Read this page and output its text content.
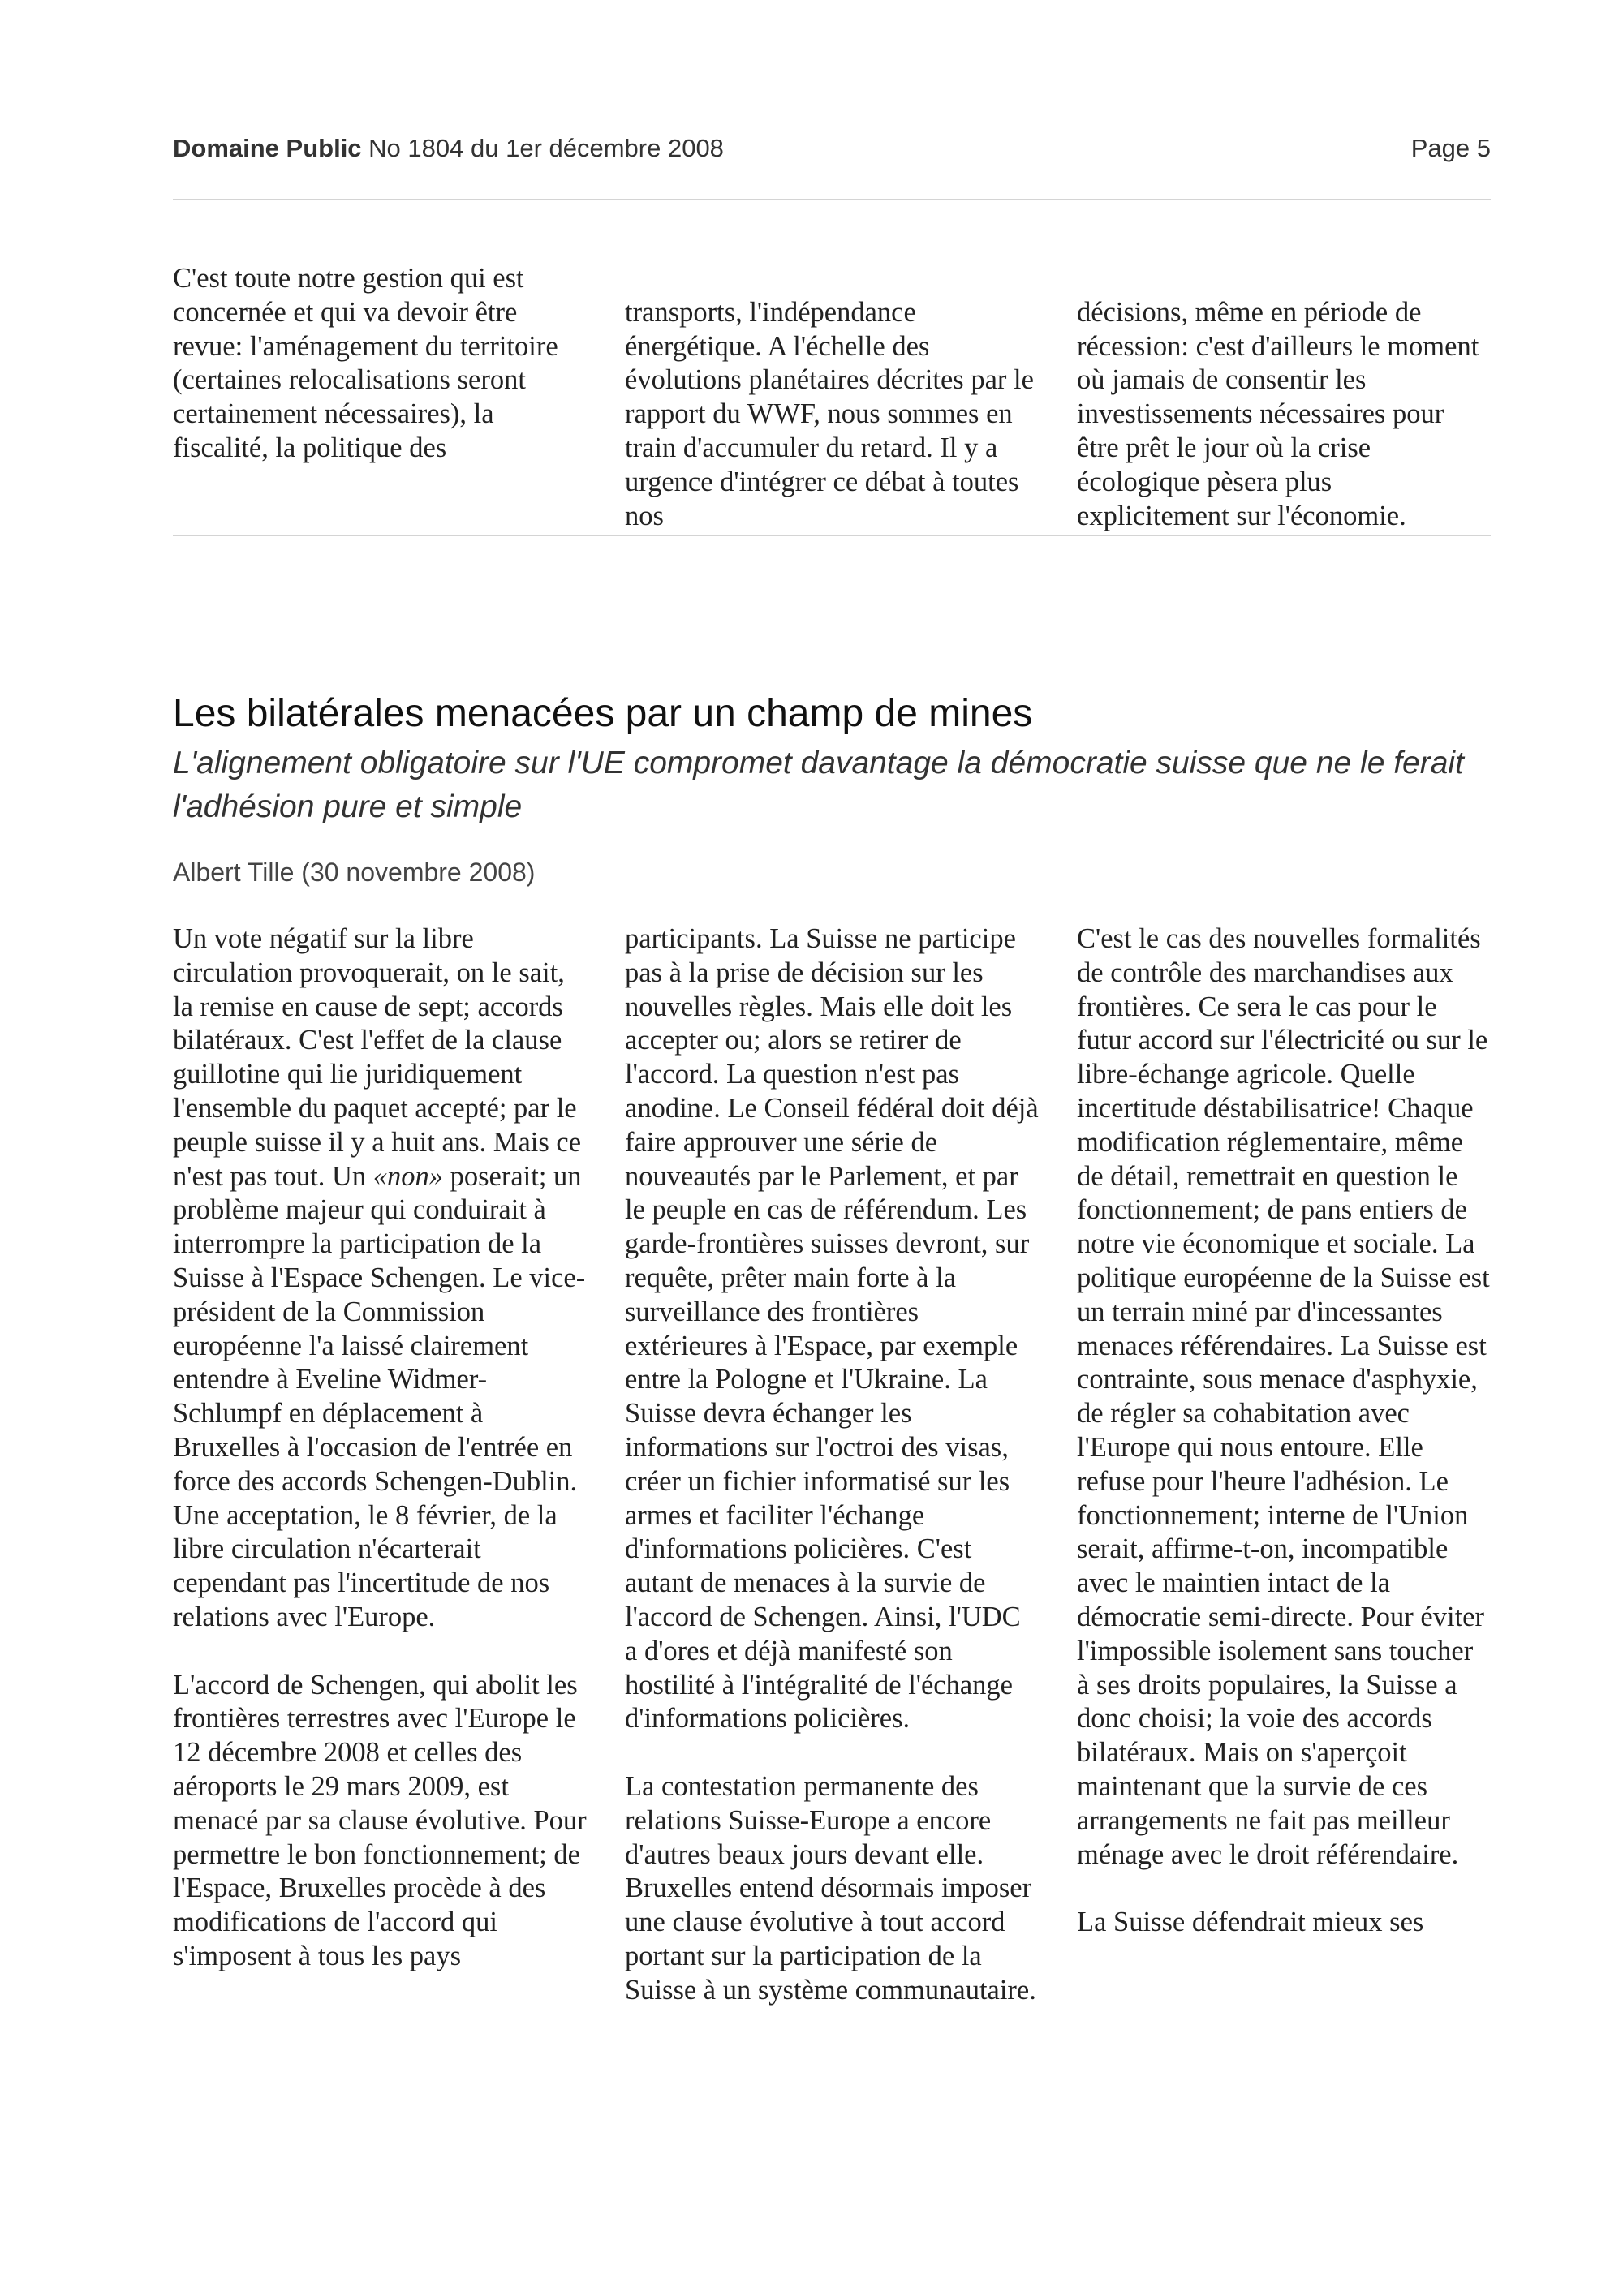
Domaine Public No 1804 du 1er décembre 2008	Page 5

C'est toute notre gestion qui est concernée et qui va devoir être revue: l'aménagement du territoire (certaines relocalisations seront certainement nécessaires), la fiscalité, la politique des

transports, l'indépendance énergétique. A l'échelle des évolutions planétaires décrites par le rapport du WWF, nous sommes en train d'accumuler du retard. Il y a urgence d'intégrer ce débat à toutes nos

décisions, même en période de récession: c'est d'ailleurs le moment où jamais de consentir les investissements nécessaires pour être prêt le jour où la crise écologique pèsera plus explicitement sur l'économie.

Les bilatérales menacées par un champ de mines
L'alignement obligatoire sur l'UE compromet davantage la démocratie suisse que ne le ferait l'adhésion pure et simple
Albert Tille (30 novembre 2008)

Un vote négatif sur la libre circulation provoquerait, on le sait, la remise en cause de sept; accords bilatéraux. C'est l'effet de la clause guillotine qui lie juridiquement l'ensemble du paquet accepté; par le peuple suisse il y a huit ans. Mais ce n'est pas tout. Un «non» poserait; un problème majeur qui conduirait à interrompre la participation de la Suisse à l'Espace Schengen. Le vice-président de la Commission européenne l'a laissé clairement entendre à Eveline Widmer-Schlumpf en déplacement à Bruxelles à l'occasion de l'entrée en force des accords Schengen-Dublin. Une acceptation, le 8 février, de la libre circulation n'écarterait cependant pas l'incertitude de nos relations avec l'Europe.

L'accord de Schengen, qui abolit les frontières terrestres avec l'Europe le 12 décembre 2008 et celles des aéroports le 29 mars 2009, est menacé par sa clause évolutive. Pour permettre le bon fonctionnement; de l'Espace, Bruxelles procède à des modifications de l'accord qui s'imposent à tous les pays

participants. La Suisse ne participe pas à la prise de décision sur les nouvelles règles. Mais elle doit les accepter ou; alors se retirer de l'accord. La question n'est pas anodine. Le Conseil fédéral doit déjà faire approuver une série de nouveautés par le Parlement, et par le peuple en cas de référendum. Les garde-frontières suisses devront, sur requête, prêter main forte à la surveillance des frontières extérieures à l'Espace, par exemple entre la Pologne et l'Ukraine. La Suisse devra échanger les informations sur l'octroi des visas, créer un fichier informatisé sur les armes et faciliter l'échange d'informations policières. C'est autant de menaces à la survie de l'accord de Schengen. Ainsi, l'UDC a d'ores et déjà manifesté son hostilité à l'intégralité de l'échange d'informations policières.

La contestation permanente des relations Suisse-Europe a encore d'autres beaux jours devant elle. Bruxelles entend désormais imposer une clause évolutive à tout accord portant sur la participation de la Suisse à un système communautaire.

C'est le cas des nouvelles formalités de contrôle des marchandises aux frontières. Ce sera le cas pour le futur accord sur l'électricité ou sur le libre-échange agricole. Quelle incertitude déstabilisatrice! Chaque modification réglementaire, même de détail, remettrait en question le fonctionnement; de pans entiers de notre vie économique et sociale. La politique européenne de la Suisse est un terrain miné par d'incessantes menaces référendaires. La Suisse est contrainte, sous menace d'asphyxie, de régler sa cohabitation avec l'Europe qui nous entoure. Elle refuse pour l'heure l'adhésion. Le fonctionnement; interne de l'Union serait, affirme-t-on, incompatible avec le maintien intact de la démocratie semi-directe. Pour éviter l'impossible isolement sans toucher à ses droits populaires, la Suisse a donc choisi; la voie des accords bilatéraux. Mais on s'aperçoit maintenant que la survie de ces arrangements ne fait pas meilleur ménage avec le droit référendaire.

La Suisse défendrait mieux ses
